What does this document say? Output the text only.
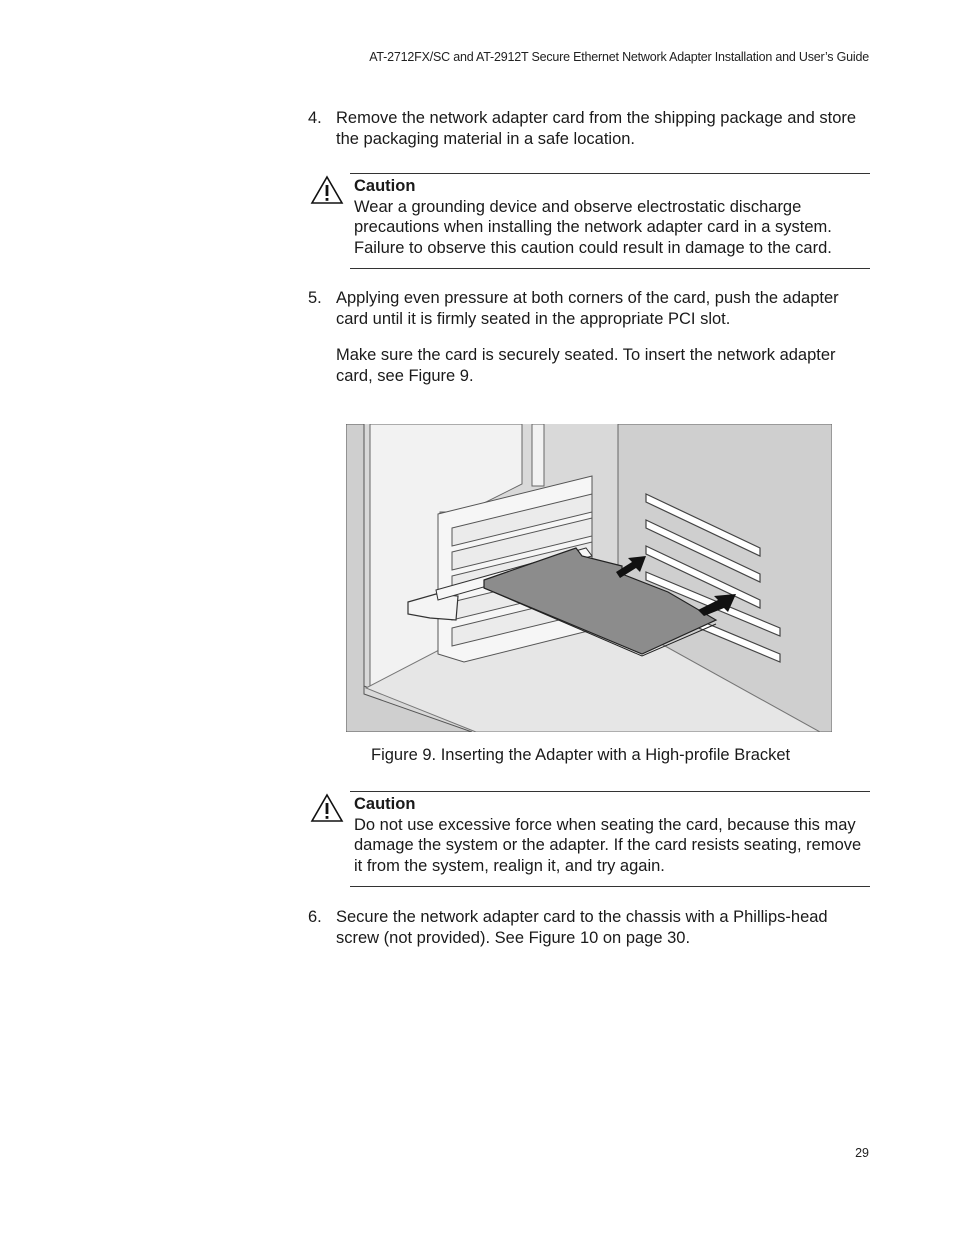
AT-2712FX/SC and AT-2912T Secure Ethernet Network Adapter Installation and User’s Guide
4. Remove the network adapter card from the shipping package and store the packaging material in a safe location.

Caution
Wear a grounding device and observe electrostatic discharge precautions when installing the network adapter card in a system. Failure to observe this caution could result in damage to the card.
5. Applying even pressure at both corners of the card, push the adapter card until it is firmly seated in the appropriate PCI slot.

Make sure the card is securely seated. To insert the network adapter card, see Figure 9.

Figure 9. Inserting the Adapter with a High-profile Bracket
Caution
Do not use excessive force when seating the card, because this may damage the system or the adapter. If the card resists seating, remove it from the system, realign it, and try again.
6. Secure the network adapter card to the chassis with a Phillips-head screw (not provided). See Figure 10 on page 30.

29
